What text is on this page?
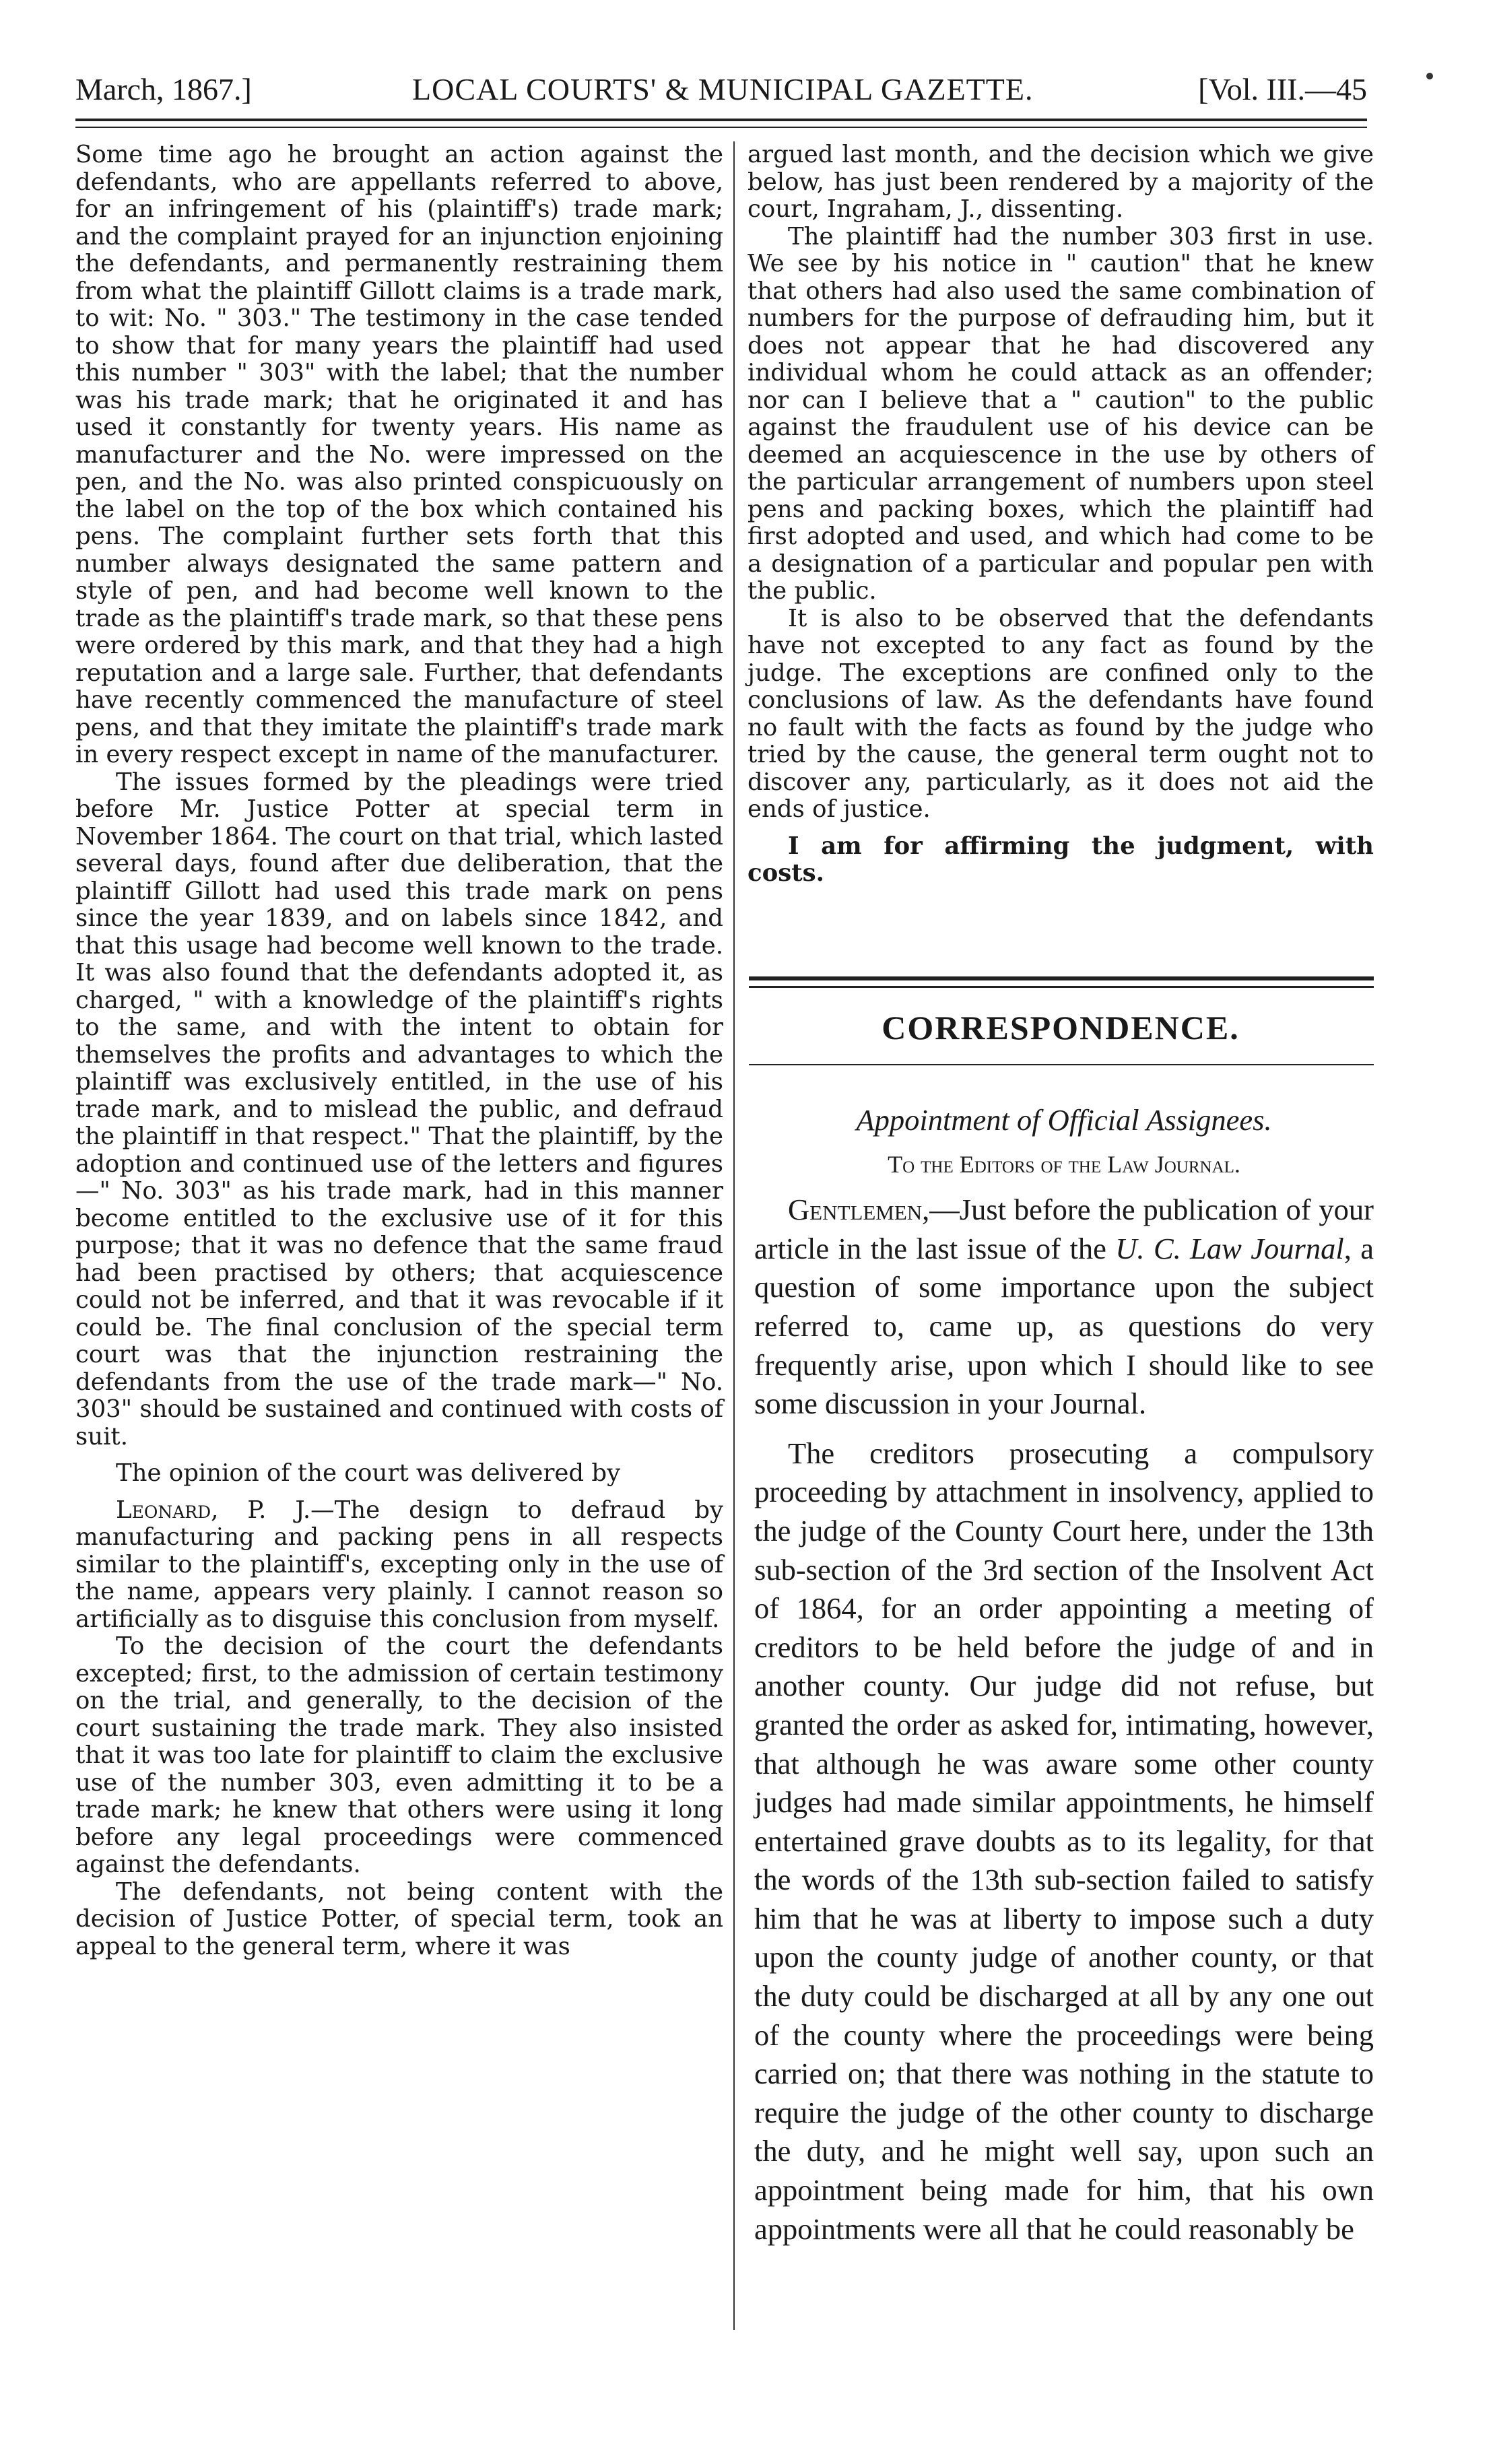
March, 1867.]	LOCAL COURTS' & MUNICIPAL GAZETTE.	[Vol. III.—45

Some time ago he brought an action against the defendants, who are appellants referred to above, for an infringement of his (plaintiff's) trade mark; and the complaint prayed for an injunction enjoining the defendants, and permanently restraining them from what the plaintiff Gillott claims is a trade mark, to wit: No. " 303." The testimony in the case tended to show that for many years the plaintiff had used this number " 303" with the label; that the number was his trade mark; that he originated it and has used it constantly for twenty years. His name as manufacturer and the No. were impressed on the pen, and the No. was also printed conspicuously on the label on the top of the box which contained his pens. The complaint further sets forth that this number always designated the same pattern and style of pen, and had become well known to the trade as the plaintiff's trade mark, so that these pens were ordered by this mark, and that they had a high reputation and a large sale. Further, that defendants have recently commenced the manufacture of steel pens, and that they imitate the plaintiff's trade mark in every respect except in name of the manufacturer.

The issues formed by the pleadings were tried before Mr. Justice Potter at special term in November 1864. The court on that trial, which lasted several days, found after due deliberation, that the plaintiff Gillott had used this trade mark on pens since the year 1839, and on labels since 1842, and that this usage had become well known to the trade. It was also found that the defendants adopted it, as charged, " with a knowledge of the plaintiff's rights to the same, and with the intent to obtain for themselves the profits and advantages to which the plaintiff was exclusively entitled, in the use of his trade mark, and to mislead the public, and defraud the plaintiff in that respect." That the plaintiff, by the adoption and continued use of the letters and figures—" No. 303" as his trade mark, had in this manner become entitled to the exclusive use of it for this purpose; that it was no defence that the same fraud had been practised by others; that acquiescence could not be inferred, and that it was revocable if it could be. The final conclusion of the special term court was that the injunction restraining the defendants from the use of the trade mark—" No. 303" should be sustained and continued with costs of suit.

The opinion of the court was delivered by

Leonard, P. J.—The design to defraud by manufacturing and packing pens in all respects similar to the plaintiff's, excepting only in the use of the name, appears very plainly. I cannot reason so artificially as to disguise this conclusion from myself.

To the decision of the court the defendants excepted; first, to the admission of certain testimony on the trial, and generally, to the decision of the court sustaining the trade mark. They also insisted that it was too late for plaintiff to claim the exclusive use of the number 303, even admitting it to be a trade mark; he knew that others were using it long before any legal proceedings were commenced against the defendants.

The defendants, not being content with the decision of Justice Potter, of special term, took an appeal to the general term, where it was

argued last month, and the decision which we give below, has just been rendered by a majority of the court, Ingraham, J., dissenting.

The plaintiff had the number 303 first in use. We see by his notice in " caution" that he knew that others had also used the same combination of numbers for the purpose of defrauding him, but it does not appear that he had discovered any individual whom he could attack as an offender; nor can I believe that a " caution" to the public against the fraudulent use of his device can be deemed an acquiescence in the use by others of the particular arrangement of numbers upon steel pens and packing boxes, which the plaintiff had first adopted and used, and which had come to be a designation of a particular and popular pen with the public.

It is also to be observed that the defendants have not excepted to any fact as found by the judge. The exceptions are confined only to the conclusions of law. As the defendants have found no fault with the facts as found by the judge who tried by the cause, the general term ought not to discover any, particularly, as it does not aid the ends of justice.

I am for affirming the judgment, with costs.

CORRESPONDENCE.

Appointment of Official Assignees.

To the Editors of the Law Journal.

Gentlemen,—Just before the publication of your article in the last issue of the U. C. Law Journal, a question of some importance upon the subject referred to, came up, as questions do very frequently arise, upon which I should like to see some discussion in your Journal.

The creditors prosecuting a compulsory proceeding by attachment in insolvency, applied to the judge of the County Court here, under the 13th sub-section of the 3rd section of the Insolvent Act of 1864, for an order appointing a meeting of creditors to be held before the judge of and in another county. Our judge did not refuse, but granted the order as asked for, intimating, however, that although he was aware some other county judges had made similar appointments, he himself entertained grave doubts as to its legality, for that the words of the 13th sub-section failed to satisfy him that he was at liberty to impose such a duty upon the county judge of another county, or that the duty could be discharged at all by any one out of the county where the proceedings were being carried on; that there was nothing in the statute to require the judge of the other county to discharge the duty, and he might well say, upon such an appointment being made for him, that his own appointments were all that he could reasonably be
